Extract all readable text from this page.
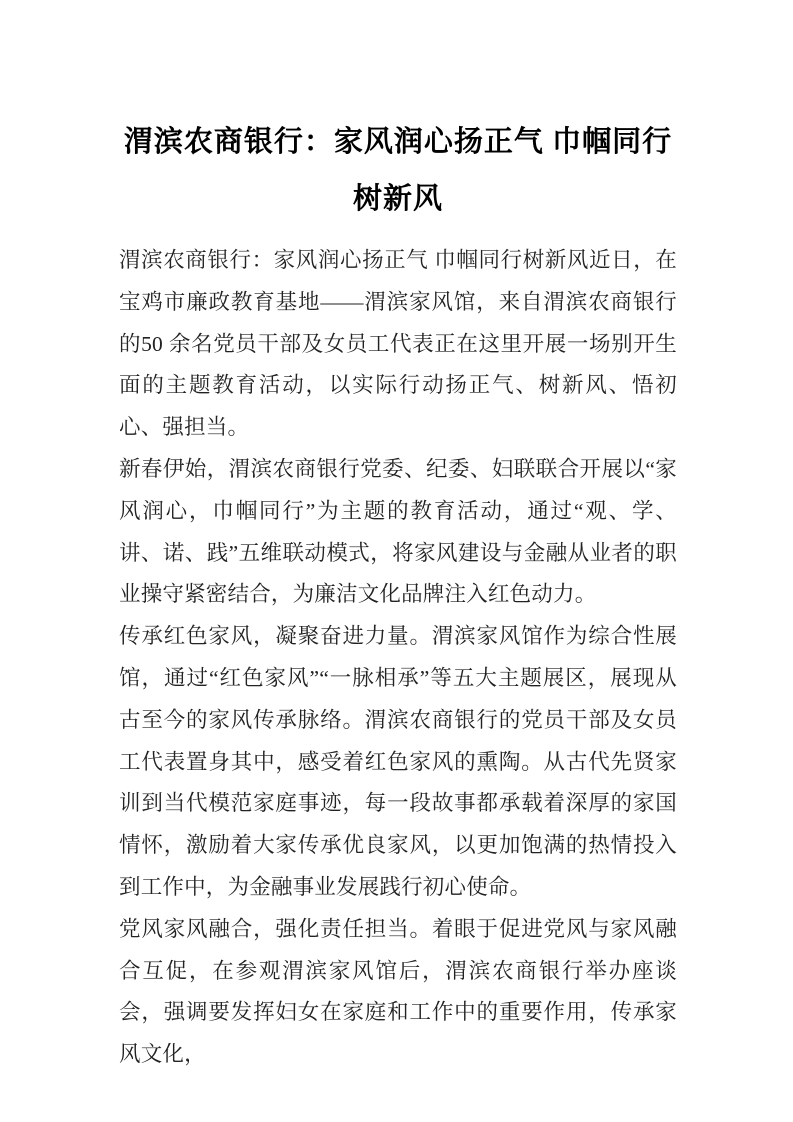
渭滨农商银行：家风润心扬正气 巾帼同行树新风

渭滨农商银行：家风润心扬正气 巾帼同行树新风近日，在宝鸡市廉政教育基地——渭滨家风馆，来自渭滨农商银行的50 余名党员干部及女员工代表正在这里开展一场别开生面的主题教育活动，以实际行动扬正气、树新风、悟初心、强担当。

新春伊始，渭滨农商银行党委、纪委、妇联联合开展以“家风润心，巾帼同行”为主题的教育活动，通过“观、学、讲、诺、践”五维联动模式，将家风建设与金融从业者的职业操守紧密结合，为廉洁文化品牌注入红色动力。

传承红色家风，凝聚奋进力量。渭滨家风馆作为综合性展馆，通过“红色家风”“一脉相承”等五大主题展区，展现从古至今的家风传承脉络。渭滨农商银行的党员干部及女员工代表置身其中，感受着红色家风的熏陶。从古代先贤家训到当代模范家庭事迹，每一段故事都承载着深厚的家国情怀，激励着大家传承优良家风，以更加饱满的热情投入到工作中，为金融事业发展践行初心使命。

党风家风融合，强化责任担当。着眼于促进党风与家风融合互促，在参观渭滨家风馆后，渭滨农商银行举办座谈会，强调要发挥妇女在家庭和工作中的重要作用，传承家风文化，
